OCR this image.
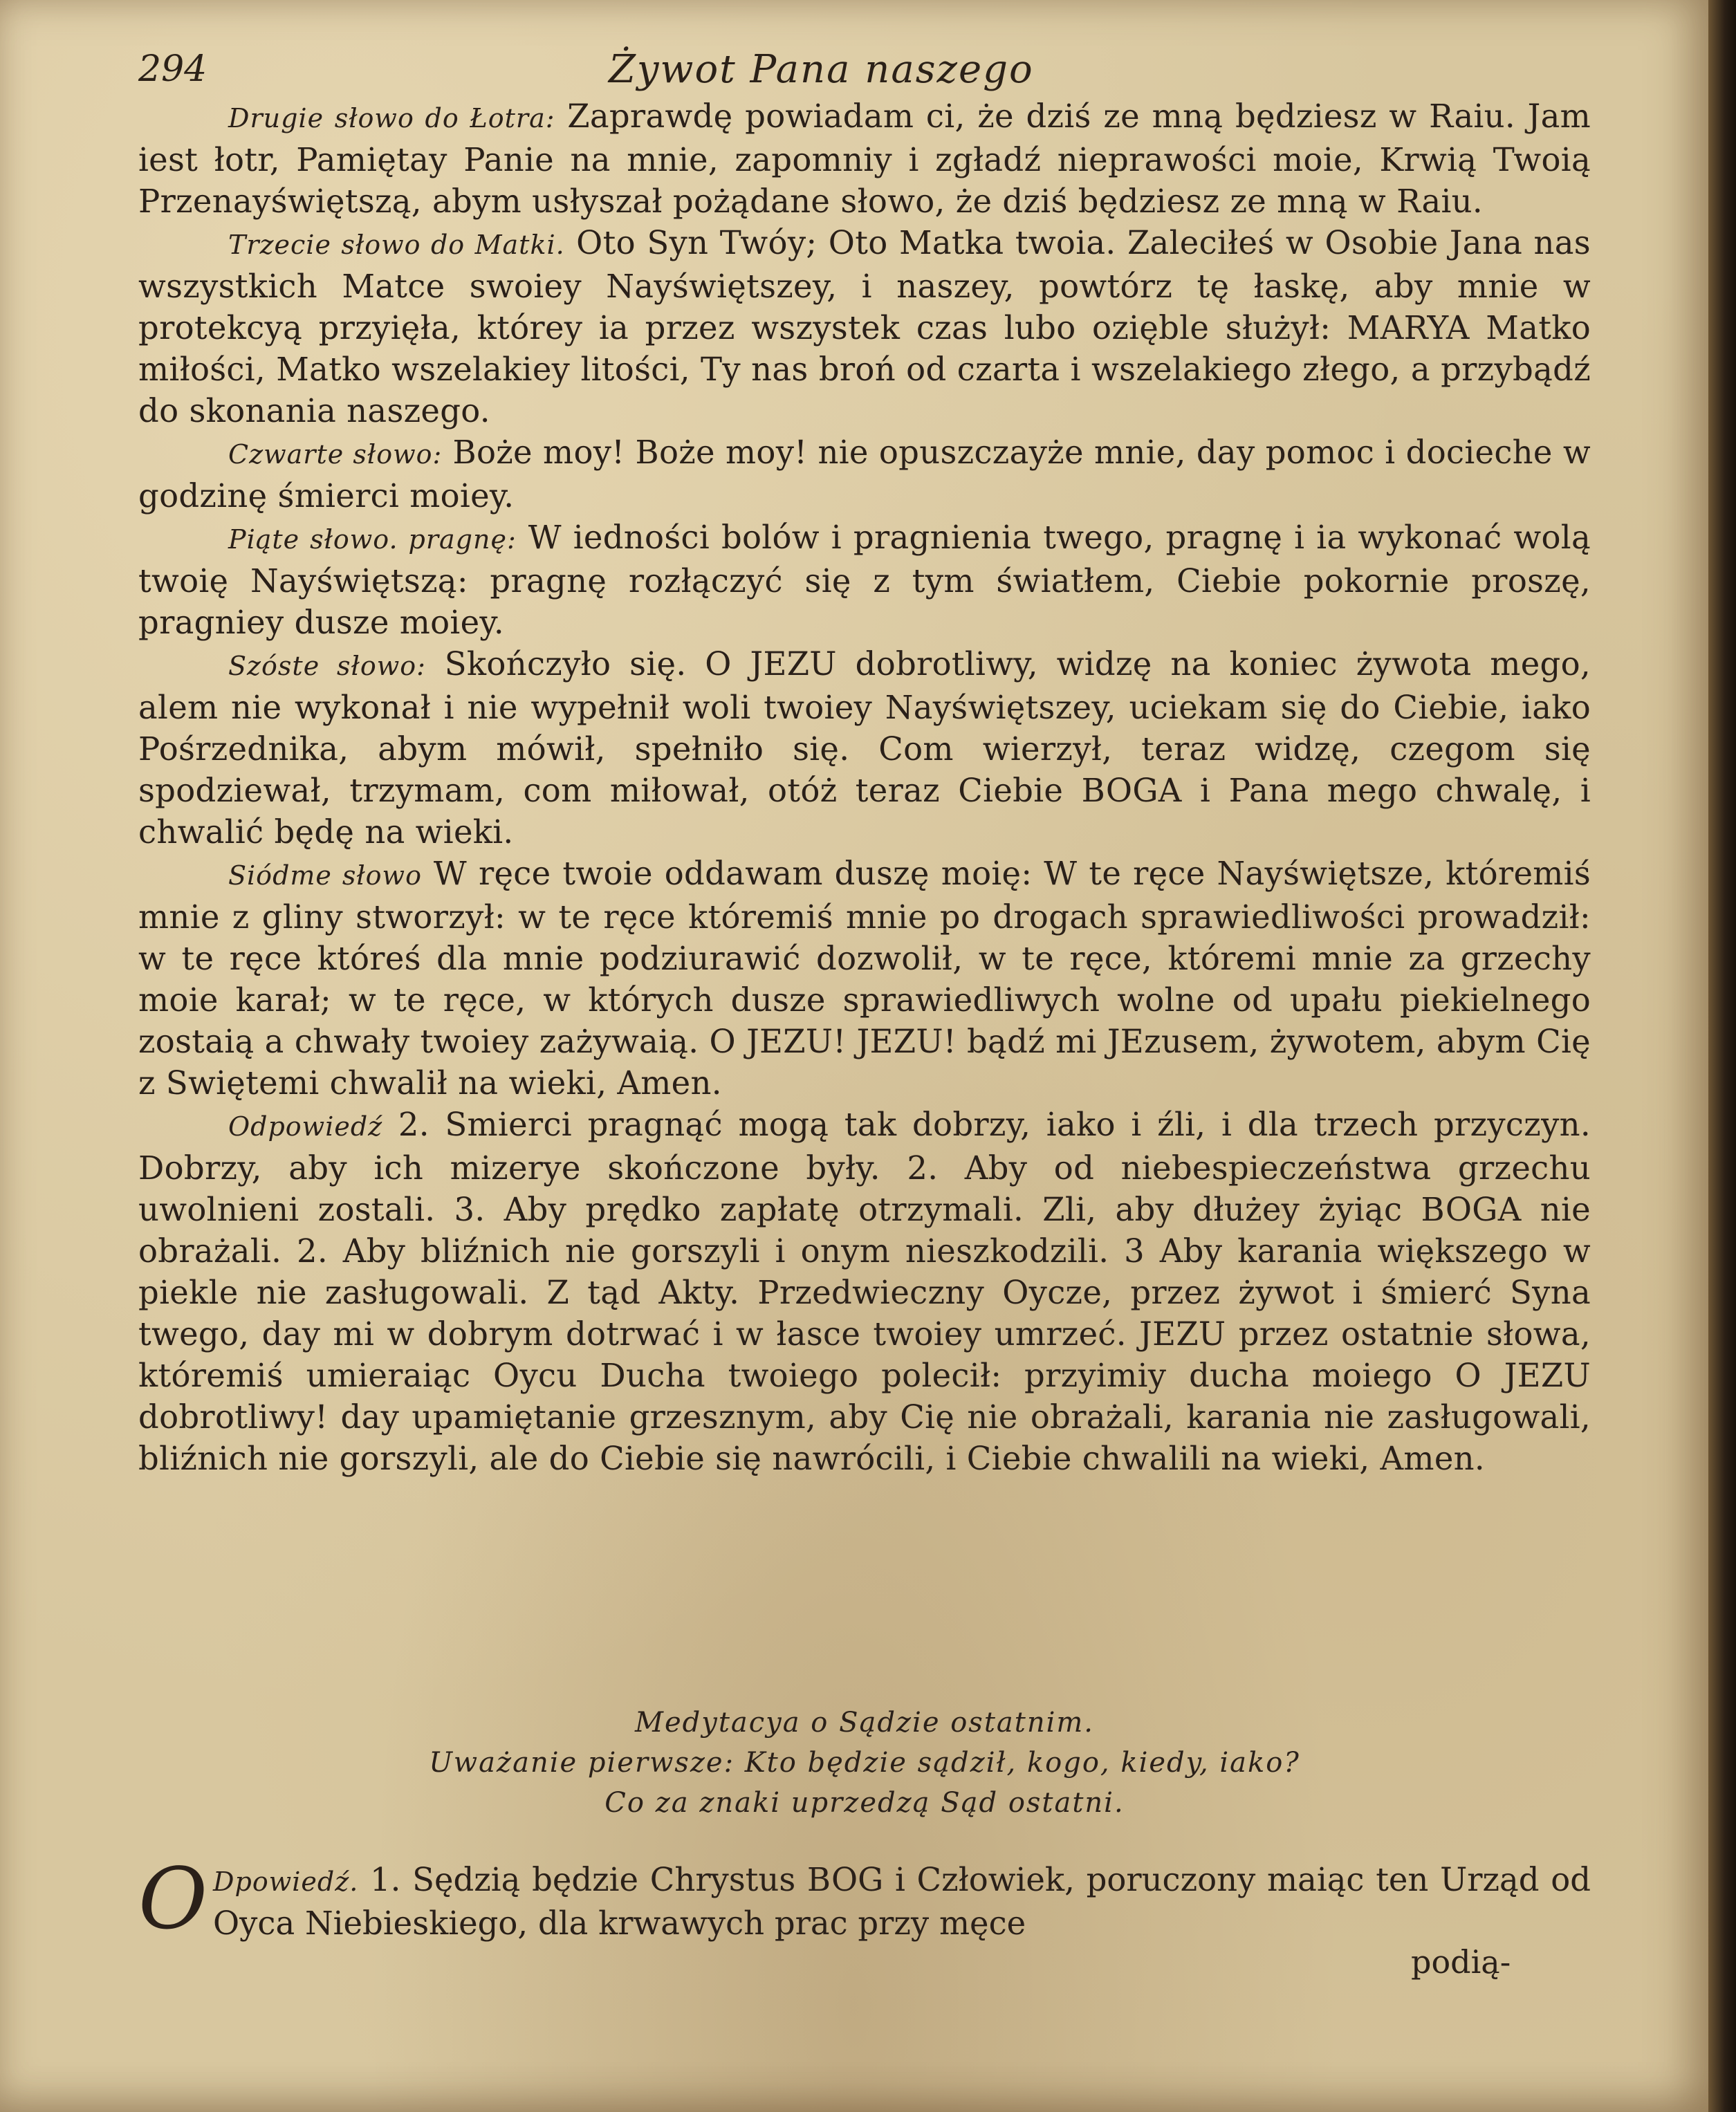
294	Żywot Pana naszego

Drugie słowo do Łotra: Zaprawdę powiadam ci, że dziś ze mną będziesz w Raiu. Jam iest łotr, Pamiętay Panie na mnie, zapomniy i zgładź nieprawości moie, Krwią Twoią Przenayświętszą, abym usłyszał pożądane słowo, że dziś będziesz ze mną w Raiu.

Trzecie słowo do Matki. Oto Syn Twóy; Oto Matka twoia. Zaleciłeś w Osobie Jana nas wszystkich Matce swoiey Nayświętszey, i naszey, powtórz tę łaskę, aby mnie w protekcyą przyięła, którey ia przez wszystek czas lubo ozięble służył: MARYA Matko miłości, Matko wszelakiey litości, Ty nas broń od czarta i wszelakiego złego, a przybądź do skonania naszego.

Czwarte słowo: Boże moy! Boże moy! nie opuszczayże mnie, day pomoc i docieche w godzinę śmierci moiey.

Piąte słowo. pragnę: W iedności bolów i pragnienia twego, pragnę i ia wykonać wolą twoię Nayświętszą: pragnę rozłączyć się z tym światłem, Ciebie pokornie proszę, pragniey dusze moiey.

Szóste słowo: Skończyło się. O JEZU dobrotliwy, widzę na koniec żywota mego, alem nie wykonał i nie wypełnił woli twoiey Nayświętszey, uciekam się do Ciebie, iako Pośrzednika, abym mówił, spełniło się. Com wierzył, teraz widzę, czegom się spodziewał, trzymam, com miłował, otóż teraz Ciebie BOGA i Pana mego chwalę, i chwalić będę na wieki.

Siódme słowo W ręce twoie oddawam duszę moię: W te ręce Nayświętsze, któremiś mnie z gliny stworzył: w te ręce któremiś mnie po drogach sprawiedliwości prowadził: w te ręce któreś dla mnie podziurawić dozwolił, w te ręce, któremi mnie za grzechy moie karał; w te ręce, w których dusze sprawiedliwych wolne od upału piekielnego zostaią a chwały twoiey zażywaią. O JEZU! JEZU! bądź mi JEzusem, żywotem, abym Cię z Swiętemi chwalił na wieki, Amen.

Odpowiedź 2. Smierci pragnąć mogą tak dobrzy, iako i źli, i dla trzech przyczyn. Dobrzy, aby ich mizerye skończone były. 2. Aby od niebespieczeństwa grzechu uwolnieni zostali. 3. Aby prędko zapłatę otrzymali. Zli, aby dłużey żyiąc BOGA nie obrażali. 2. Aby bliźnich nie gorszyli i onym nieszkodzili. 3 Aby karania większego w piekle nie zasługowali. Z tąd Akty. Przedwieczny Oycze, przez żywot i śmierć Syna twego, day mi w dobrym dotrwać i w łasce twoiey umrzeć. JEZU przez ostatnie słowa, któremiś umieraiąc Oycu Ducha twoiego polecił: przyimiy ducha moiego O JEZU dobrotliwy! day upamiętanie grzesznym, aby Cię nie obrażali, karania nie zasługowali, bliźnich nie gorszyli, ale do Ciebie się nawrócili, i Ciebie chwalili na wieki, Amen.

Medytacya o Sądzie ostatnim.
Uważanie pierwsze: Kto będzie sądził, kogo, kiedy, iako?
Co za znaki uprzedzą Sąd ostatni.
O Dpowiedź. 1. Sędzią będzie Chrystus BOG i Człowiek, poruczony maiąc ten Urząd od Oyca Niebieskiego, dla krwawych prac przy męce
podią-
